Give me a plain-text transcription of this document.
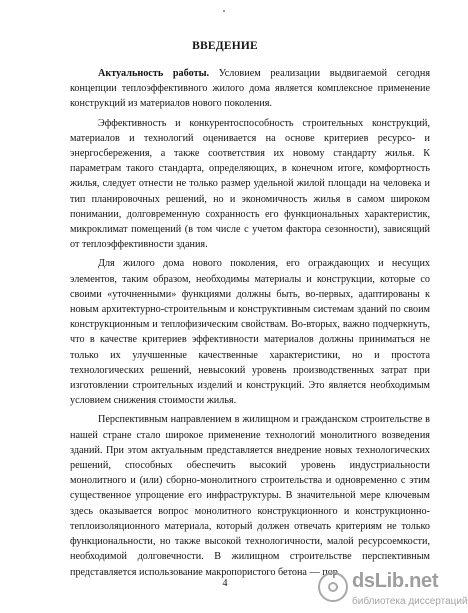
ВВЕДЕНИЕ

Актуальность работы. Условием реализации выдвигаемой сегодня концепции теплоэффективного жилого дома является комплексное применение конструкций из материалов нового поколения.

Эффективность и конкурентоспособность строительных конструкций, материалов и технологий оценивается на основе критериев ресурсо- и энергосбережения, а также соответствия их новому стандарту жилья. К параметрам такого стандарта, определяющих, в конечном итоге, комфортность жилья, следует отнести не только размер удельной жилой площади на человека и тип планировочных решений, но и экономичность жилья в самом широком понимании, долговременную сохранность его функциональных характеристик, микроклимат помещений (в том числе с учетом фактора сезонности), зависящий от теплоэффективности здания.

Для жилого дома нового поколения, его ограждающих и несущих элементов, таким образом, необходимы материалы и конструкции, которые со своими «уточненными» функциями должны быть, во-первых, адаптированы к новым архитектурно-строительным и конструктивным системам зданий по своим конструкционным и теплофизическим свойствам. Во-вторых, важно подчеркнуть, что в качестве критериев эффективности материалов должны приниматься не только их улучшенные качественные характеристики, но и простота технологических решений, невысокий уровень производственных затрат при изготовлении строительных изделий и конструкций. Это является необходимым условием снижения стоимости жилья.

Перспективным направлением в жилищном и гражданском строительстве в нашей стране стало широкое применение технологий монолитного возведения зданий. При этом актуальным представляется внедрение новых технологических решений, способных обеспечить высокий уровень индустриальности монолитного и (или) сборно-монолитного строительства и одновременно с этим существенное упрощение его инфраструктуры. В значительной мере ключевым здесь оказывается вопрос монолитного конструкционного и конструкционно-теплоизоляционного материала, который должен отвечать критериям не только функциональности, но также высокой технологичности, малой ресурсоемкости, необходимой долговечности. В жилищном строительстве перспективным представляется использование макропористого бетона — пор

4	dsLib.net
библиотека диссертаций
